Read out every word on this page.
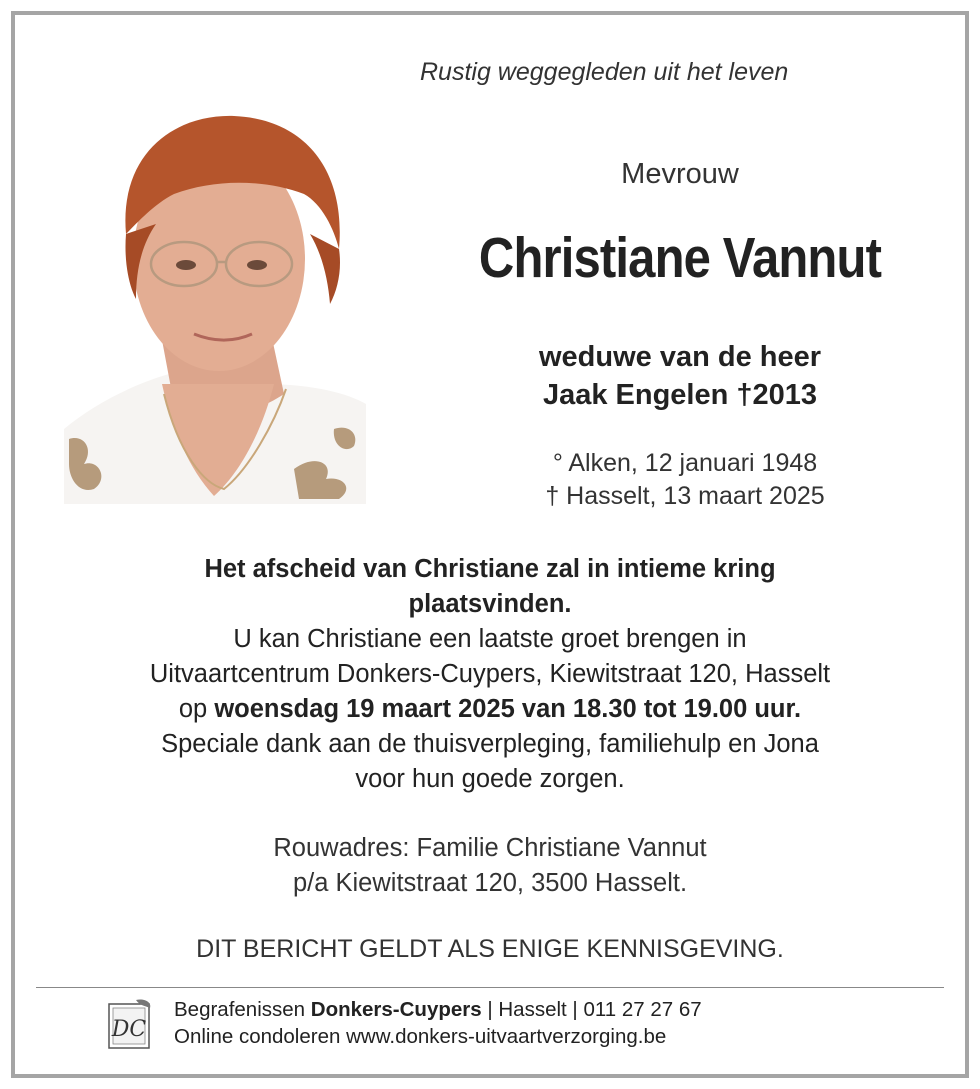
Rustig weggegleden uit het leven
Mevrouw
Christiane Vannut
weduwe van de heer
Jaak Engelen †2013
° Alken, 12 januari 1948
† Hasselt, 13 maart 2025
Het afscheid van Christiane zal in intieme kring plaatsvinden.
U kan Christiane een laatste groet brengen in
Uitvaartcentrum Donkers-Cuypers, Kiewitstraat 120, Hasselt
op woensdag 19 maart 2025 van 18.30 tot 19.00 uur.
Speciale dank aan de thuisverpleging, familiehulp en Jona
voor hun goede zorgen.
Rouwadres: Familie Christiane Vannut
p/a Kiewitstraat 120, 3500 Hasselt.
DIT BERICHT GELDT ALS ENIGE KENNISGEVING.
DC
Begrafenissen Donkers-Cuypers | Hasselt | 011 27 27 67
Online condoleren www.donkers-uitvaartverzorging.be
